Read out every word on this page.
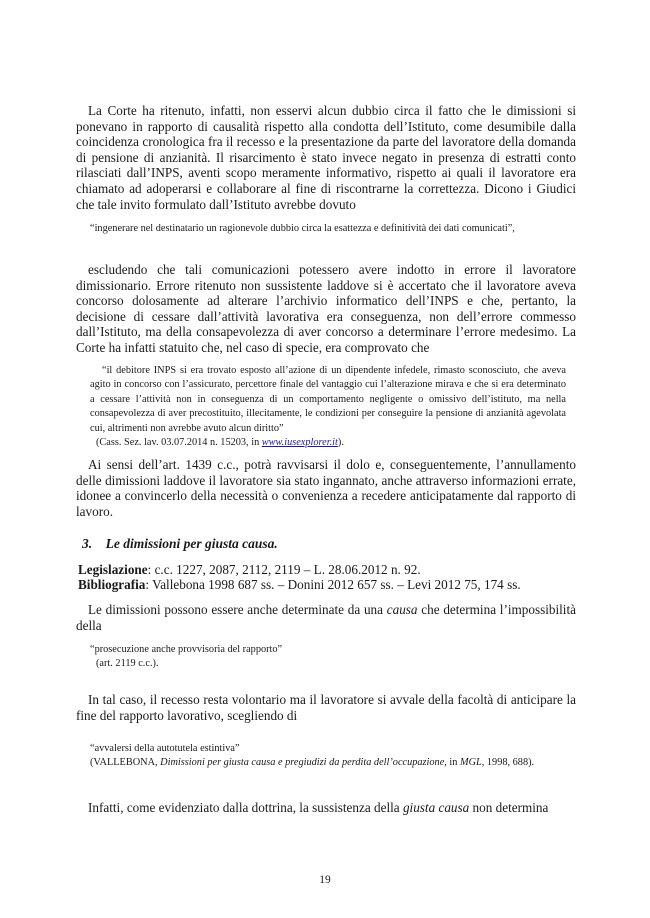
La Corte ha ritenuto, infatti, non esservi alcun dubbio circa il fatto che le dimissioni si ponevano in rapporto di causalità rispetto alla condotta dell’Istituto, come desumibile dalla coincidenza cronologica fra il recesso e la presentazione da parte del lavoratore della domanda di pensione di anzianità. Il risarcimento è stato invece negato in presenza di estratti conto rilasciati dall’INPS, aventi scopo meramente informativo, rispetto ai quali il lavoratore era chiamato ad adoperarsi e collaborare al fine di riscontrarne la correttezza. Dicono i Giudici che tale invito formulato dall’Istituto avrebbe dovuto

“ingenerare nel destinatario un ragionevole dubbio circa la esattezza e definitività dei dati comunicati”,

escludendo che tali comunicazioni potessero avere indotto in errore il lavoratore dimissionario. Errore ritenuto non sussistente laddove si è accertato che il lavoratore aveva concorso dolosamente ad alterare l’archivio informatico dell’INPS e che, pertanto, la decisione di cessare dall’attività lavorativa era conseguenza, non dell’errore commesso dall’Istituto, ma della consapevolezza di aver concorso a determinare l’errore medesimo. La Corte ha infatti statuito che, nel caso di specie, era comprovato che

“il debitore INPS si era trovato esposto all’azione di un dipendente infedele, rimasto sconosciuto, che aveva agito in concorso con l’assicurato, percettore finale del vantaggio cui l’alterazione mirava e che si era determinato a cessare l’attività non in conseguenza di un comportamento negligente o omissivo dell’istituto, ma nella consapevolezza di aver precostituito, illecitamente, le condizioni per conseguire la pensione di anzianità agevolata cui, altrimenti non avrebbe avuto alcun diritto”

(Cass. Sez. lav. 03.07.2014 n. 15203, in www.iusexplorer.it).

Ai sensi dell’art. 1439 c.c., potrà ravvisarsi il dolo e, conseguentemente, l’annullamento delle dimissioni laddove il lavoratore sia stato ingannato, anche attraverso informazioni errate, idonee a convincerlo della necessità o convenienza a recedere anticipatamente dal rapporto di lavoro.

3. Le dimissioni per giusta causa.
Legislazione: c.c. 1227, 2087, 2112, 2119 – L. 28.06.2012 n. 92.
Bibliografia: Vallebona 1998 687 ss. – Donini 2012 657 ss. – Levi 2012 75, 174 ss.

Le dimissioni possono essere anche determinate da una causa che determina l’impossibilità della

“prosecuzione anche provvisoria del rapporto”

(art. 2119 c.c.).

In tal caso, il recesso resta volontario ma il lavoratore si avvale della facoltà di anticipare la fine del rapporto lavorativo, scegliendo di

“avvalersi della autotutela estintiva”

(VALLEBONA, Dimissioni per giusta causa e pregiudizi da perdita dell’occupazione, in MGL, 1998, 688).

Infatti, come evidenziato dalla dottrina, la sussistenza della giusta causa non determina

19
